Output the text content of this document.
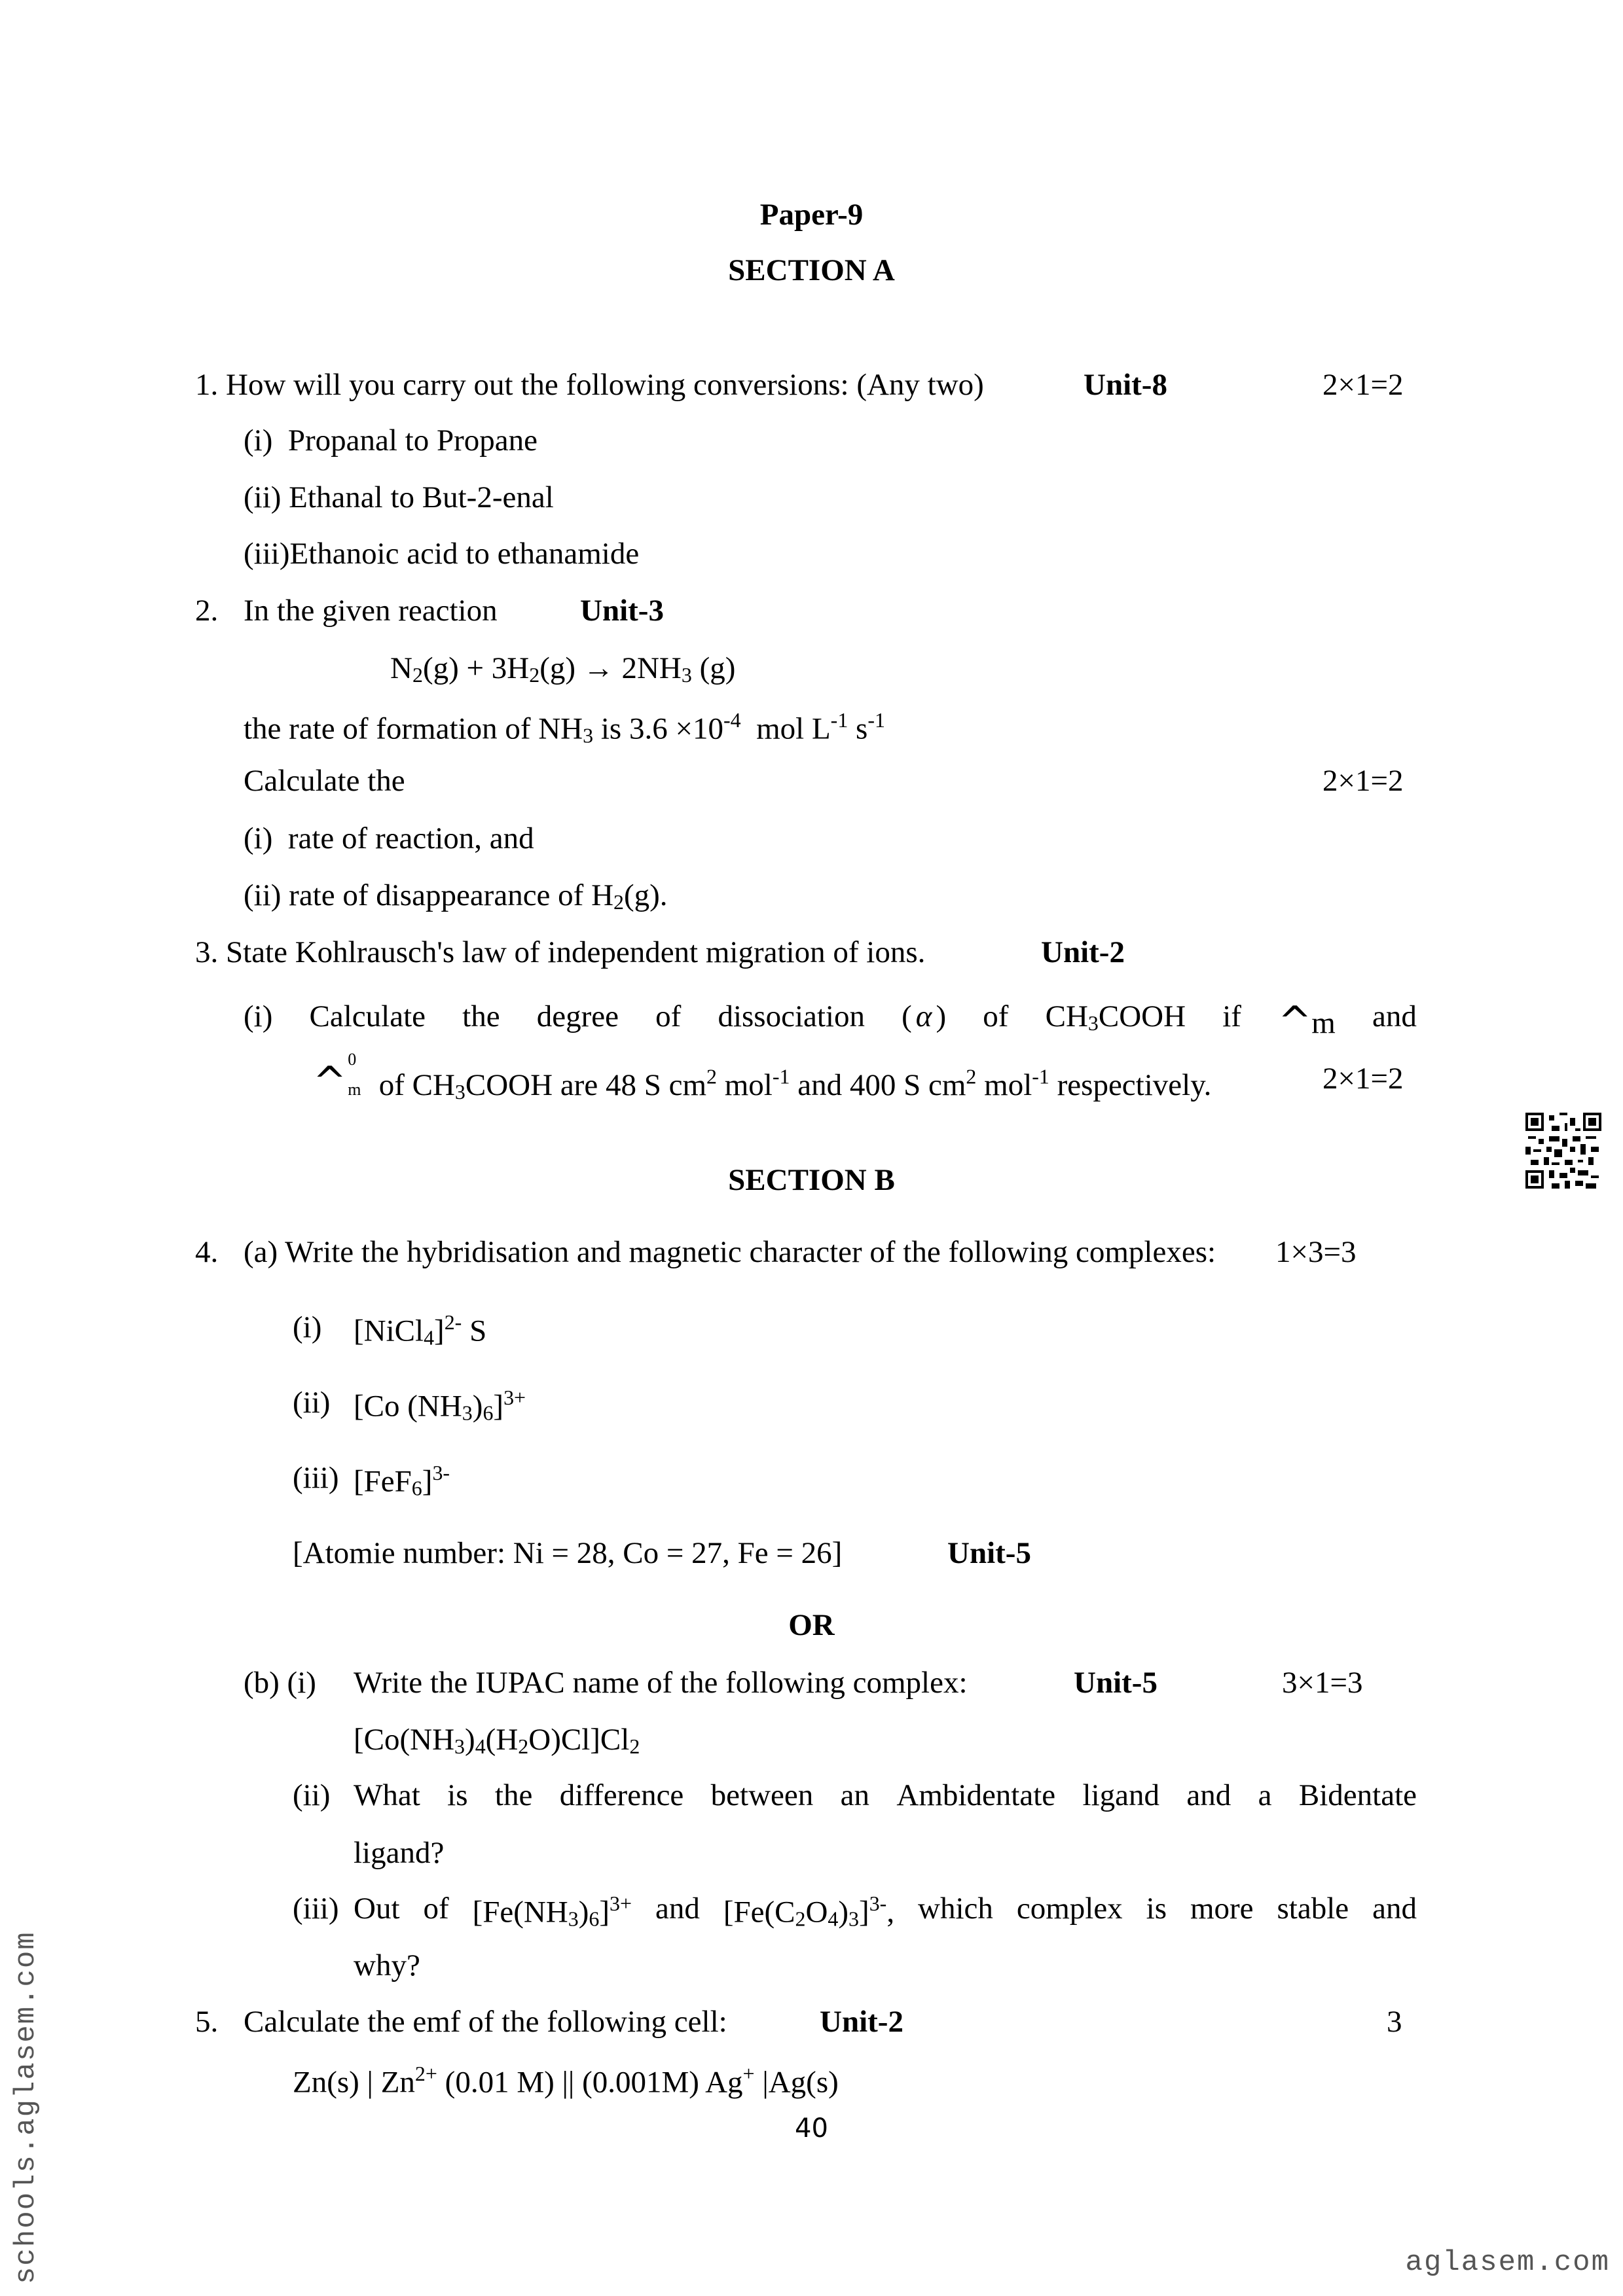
Paper-9
SECTION A
1. How will you carry out the following conversions: (Any two)	Unit-8	2×1=2
(i)  Propanal to Propane
(ii) Ethanal to But-2-enal
(iii)Ethanoic acid to ethanamide
2. In the given reaction	Unit-3
N2(g) + 3H2(g) → 2NH3 (g)
the rate of formation of NH3 is $3.6 \times 10^{-4}$  mol $L^{-1}$ $s^{-1}$
Calculate the	2×1=2
(i)  rate of reaction, and
(ii) rate of disappearance of H2(g).
3. State Kohlrausch's law of independent migration of ions.	Unit-2
(i) Calculate the degree of dissociation ( α ) of CH3COOH if ^m and
^ 0
m of CH3COOH are 48 S $cm^2$ mol$^{-1}$ and 400 S $cm^2$ mol$^{-1}$ respectively.	2×1=2
SECTION B
4. (a) Write the hybridisation and magnetic character of the following complexes: 1×3=3
(i) [NiCl4]$^{2-}$ S
(ii) [Co (NH3)6]$^{3+}$
(iii) $[FeF6]^{3-}$
[Atomie number: Ni = 28, Co = 27, Fe = 26]	Unit-5
OR
(b) (i) Write the IUPAC name of the following complex:	Unit-5	3×1=3
[Co(NH3)4(H2O)Cl]Cl2
(ii) What is the difference between an Ambidentate ligand and a Bidentate
ligand?
(iii) Out of $[Fe(NH3)6]^{3+}$ and $[Fe(C2O4)3]^{3-}$, which complex is more stable and
why?
5. Calculate the emf of the following cell:	Unit-2	3
Zn(s) | $Zn^{2+}$ (0.01 M) || (0.001M) Ag+ |Ag(s)
40
schools.aglasem.com	aglasem.com
